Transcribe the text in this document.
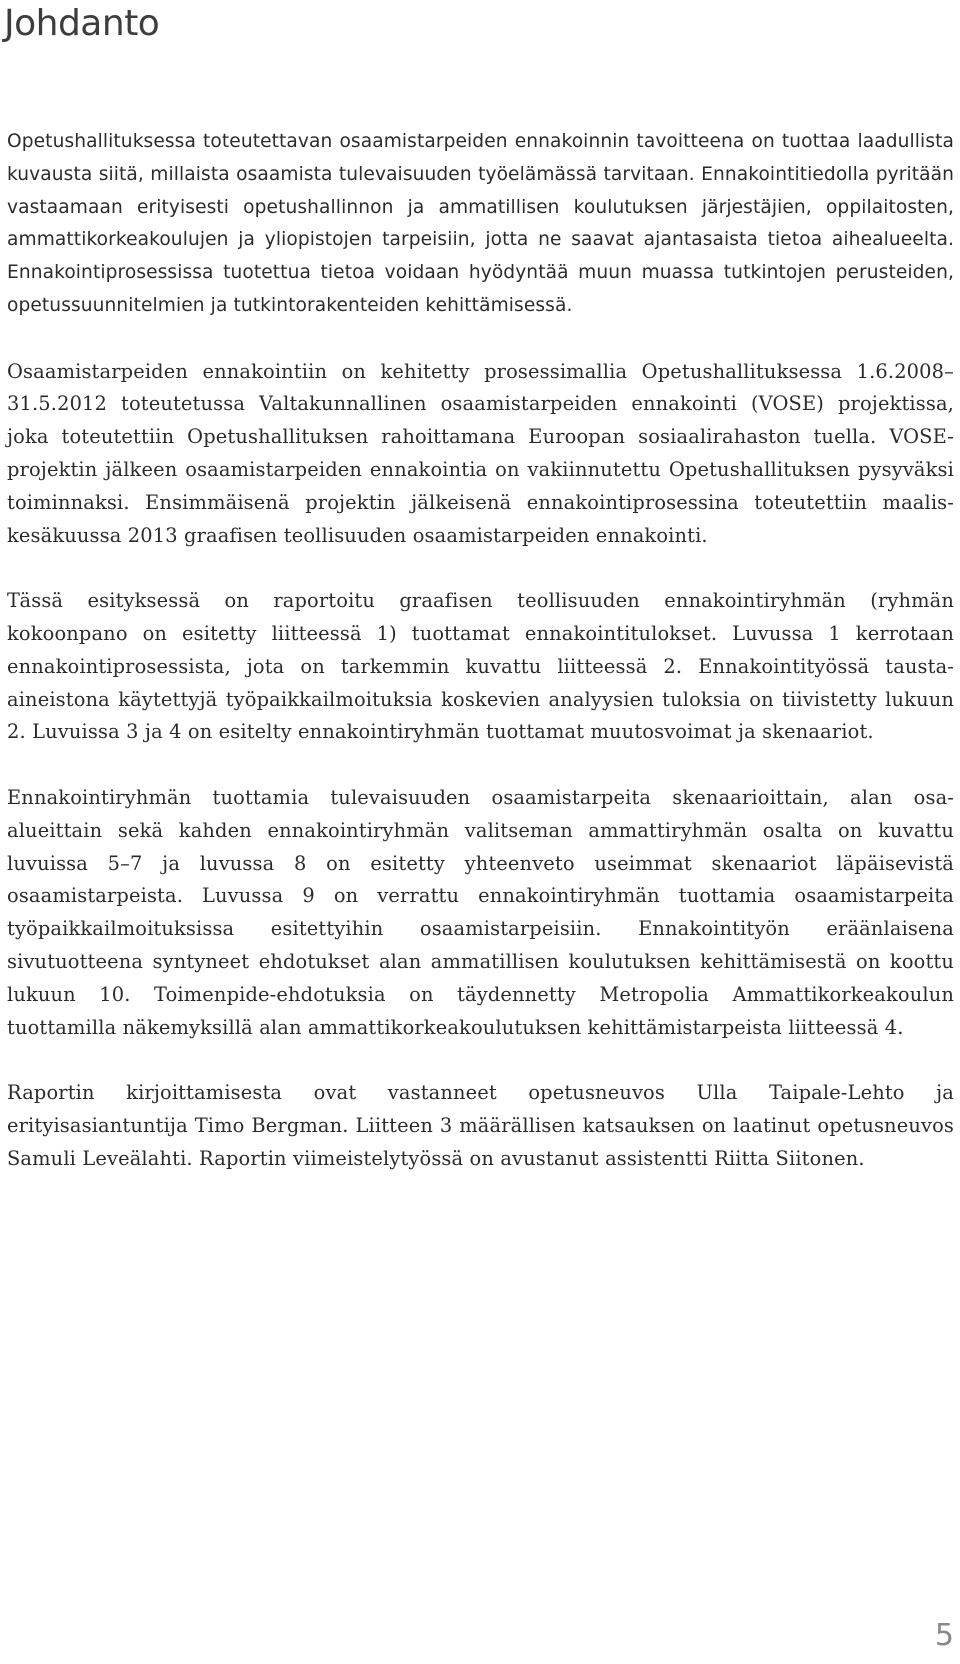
Johdanto

Opetushallituksessa toteutettavan osaamistarpeiden ennakoinnin tavoitteena on tuottaa laadullista kuvausta siitä, millaista osaamista tulevaisuuden työelämässä tarvitaan. Ennakointitiedolla pyritään vastaamaan erityisesti opetushallinnon ja ammatillisen koulutuksen järjestäjien, oppilaitosten, ammattikorkeakoulujen ja yliopistojen tarpeisiin, jotta ne saavat ajantasaista tietoa aihealueelta. Ennakointiprosessissa tuotettua tietoa voidaan hyödyntää muun muassa tutkintojen perusteiden, opetussuunnitelmien ja tutkintorakenteiden kehittämisessä.

Osaamistarpeiden ennakointiin on kehitetty prosessimallia Opetushallituksessa 1.6.2008–31.5.2012 toteutetussa Valtakunnallinen osaamistarpeiden ennakointi (VOSE) projektissa, joka toteutettiin Opetushallituksen rahoittamana Euroopan sosiaalirahaston tuella. VOSE-projektin jälkeen osaamistarpeiden ennakointia on vakiinnutettu Opetushallituksen pysyväksi toiminnaksi. Ensimmäisenä projektin jälkeisenä ennakointiprosessina toteutettiin maalis-kesäkuussa 2013 graafisen teollisuuden osaamistarpeiden ennakointi.

Tässä esityksessä on raportoitu graafisen teollisuuden ennakointiryhmän (ryhmän kokoonpano on esitetty liitteessä 1) tuottamat ennakointitulokset. Luvussa 1 kerrotaan ennakointiprosessista, jota on tarkemmin kuvattu liitteessä 2. Ennakointityössä tausta-aineistona käytettyjä työpaikkailmoituksia koskevien analyysien tuloksia on tiivistetty lukuun 2. Luvuissa 3 ja 4 on esitelty ennakointiryhmän tuottamat muutosvoimat ja skenaariot.

Ennakointiryhmän tuottamia tulevaisuuden osaamistarpeita skenaarioittain, alan osa-alueittain sekä kahden ennakointiryhmän valitseman ammattiryhmän osalta on kuvattu luvuissa 5–7 ja luvussa 8 on esitetty yhteenveto useimmat skenaariot läpäisevistä osaamistarpeista. Luvussa 9 on verrattu ennakointiryhmän tuottamia osaamistarpeita työpaikkailmoituksissa esitettyihin osaamistarpeisiin. Ennakointityön eräänlaisena sivutuotteena syntyneet ehdotukset alan ammatillisen koulutuksen kehittämisestä on koottu lukuun 10. Toimenpide-ehdotuksia on täydennetty Metropolia Ammattikorkeakoulun tuottamilla näkemyksillä alan ammattikorkeakoulutuksen kehittämistarpeista liitteessä 4.

Raportin kirjoittamisesta ovat vastanneet opetusneuvos Ulla Taipale-Lehto ja erityisasiantuntija Timo Bergman. Liitteen 3 määrällisen katsauksen on laatinut opetusneuvos Samuli Leveälahti. Raportin viimeistelytyössä on avustanut assistentti Riitta Siitonen.

5
